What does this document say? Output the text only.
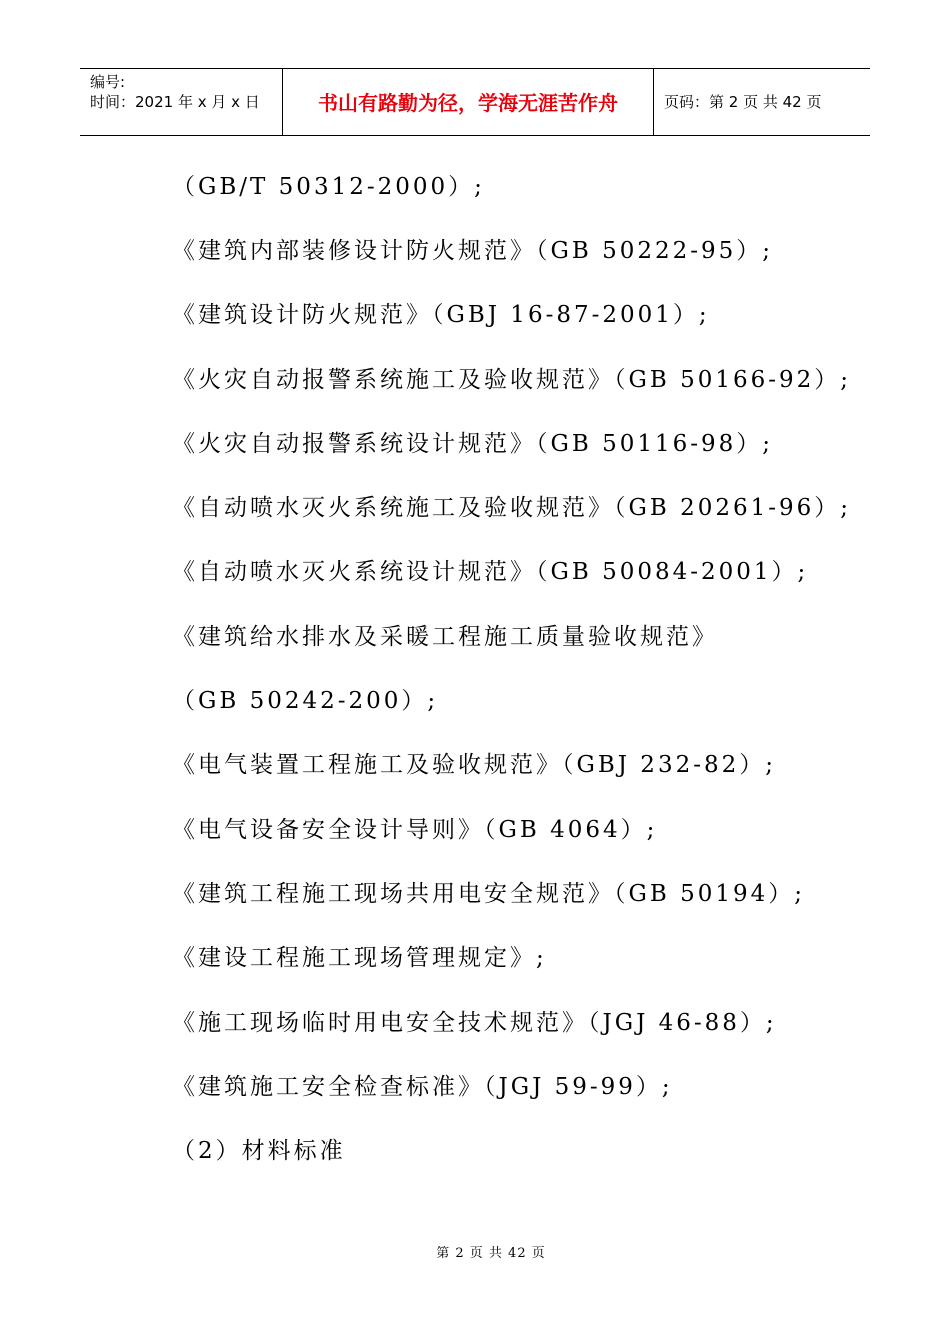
编号:
时间：2021 年 x 月 x 日	书山有路勤为径，学海无涯苦作舟	页码：第 2 页 共 42 页
（GB/T 50312-2000）;
《建筑内部装修设计防火规范》（GB 50222-95）;
《建筑设计防火规范》（GBJ 16-87-2001）;
《火灾自动报警系统施工及验收规范》（GB 50166-92）;
《火灾自动报警系统设计规范》（GB 50116-98）;
《自动喷水灭火系统施工及验收规范》（GB 20261-96）;
《自动喷水灭火系统设计规范》（GB 50084-2001）;
《建筑给水排水及采暖工程施工质量验收规范》
（GB 50242-200）;
《电气装置工程施工及验收规范》（GBJ 232-82）;
《电气设备安全设计导则》（GB 4064）;
《建筑工程施工现场共用电安全规范》（GB 50194）;
《建设工程施工现场管理规定》;
《施工现场临时用电安全技术规范》（JGJ 46-88）;
《建筑施工安全检查标准》（JGJ 59-99）;
（2）材料标准
第 2 页 共 42 页
